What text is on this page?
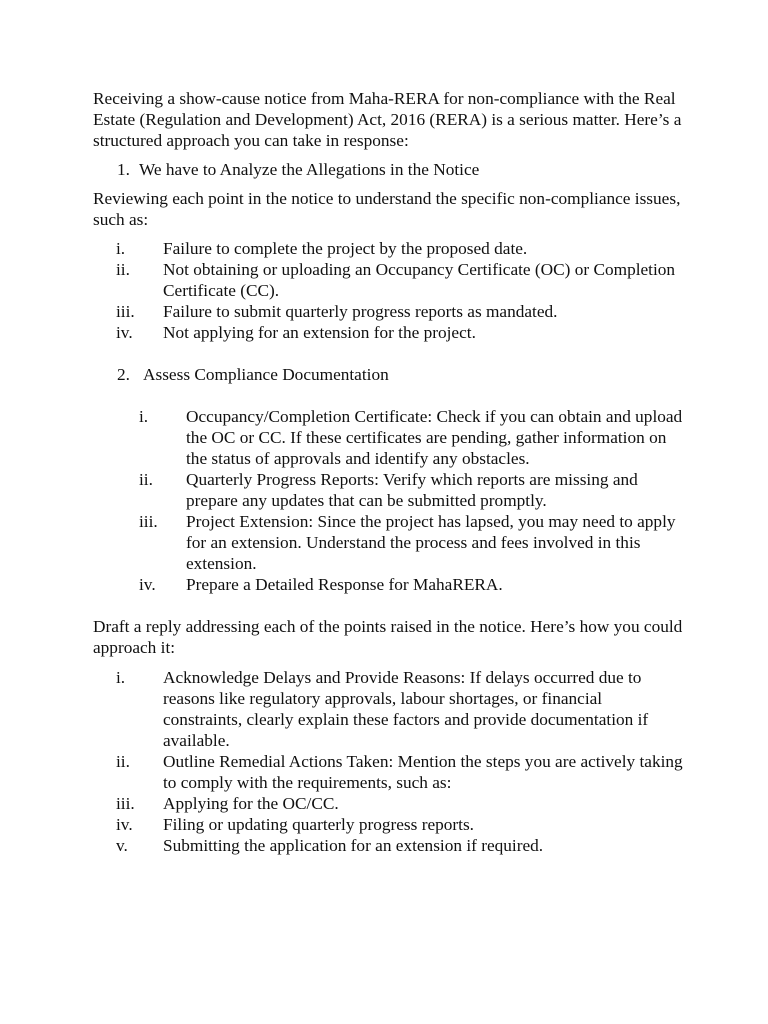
Receiving a show-cause notice from Maha-RERA for non-compliance with the Real Estate (Regulation and Development) Act, 2016 (RERA) is a serious matter. Here’s a structured approach you can take in response:

1. We have to Analyze the Allegations in the Notice

Reviewing each point in the notice to understand the specific non-compliance issues, such as:

i. Failure to complete the project by the proposed date.
ii. Not obtaining or uploading an Occupancy Certificate (OC) or Completion Certificate (CC).
iii. Failure to submit quarterly progress reports as mandated.
iv. Not applying for an extension for the project.

2. Assess Compliance Documentation

i. Occupancy/Completion Certificate: Check if you can obtain and upload the OC or CC. If these certificates are pending, gather information on the status of approvals and identify any obstacles.
ii. Quarterly Progress Reports: Verify which reports are missing and prepare any updates that can be submitted promptly.
iii. Project Extension: Since the project has lapsed, you may need to apply for an extension. Understand the process and fees involved in this extension.
iv. Prepare a Detailed Response for MahaRERA.

Draft a reply addressing each of the points raised in the notice. Here’s how you could approach it:

i. Acknowledge Delays and Provide Reasons: If delays occurred due to reasons like regulatory approvals, labour shortages, or financial constraints, clearly explain these factors and provide documentation if available.
ii. Outline Remedial Actions Taken: Mention the steps you are actively taking to comply with the requirements, such as:
iii. Applying for the OC/CC.
iv. Filing or updating quarterly progress reports.
v. Submitting the application for an extension if required.
